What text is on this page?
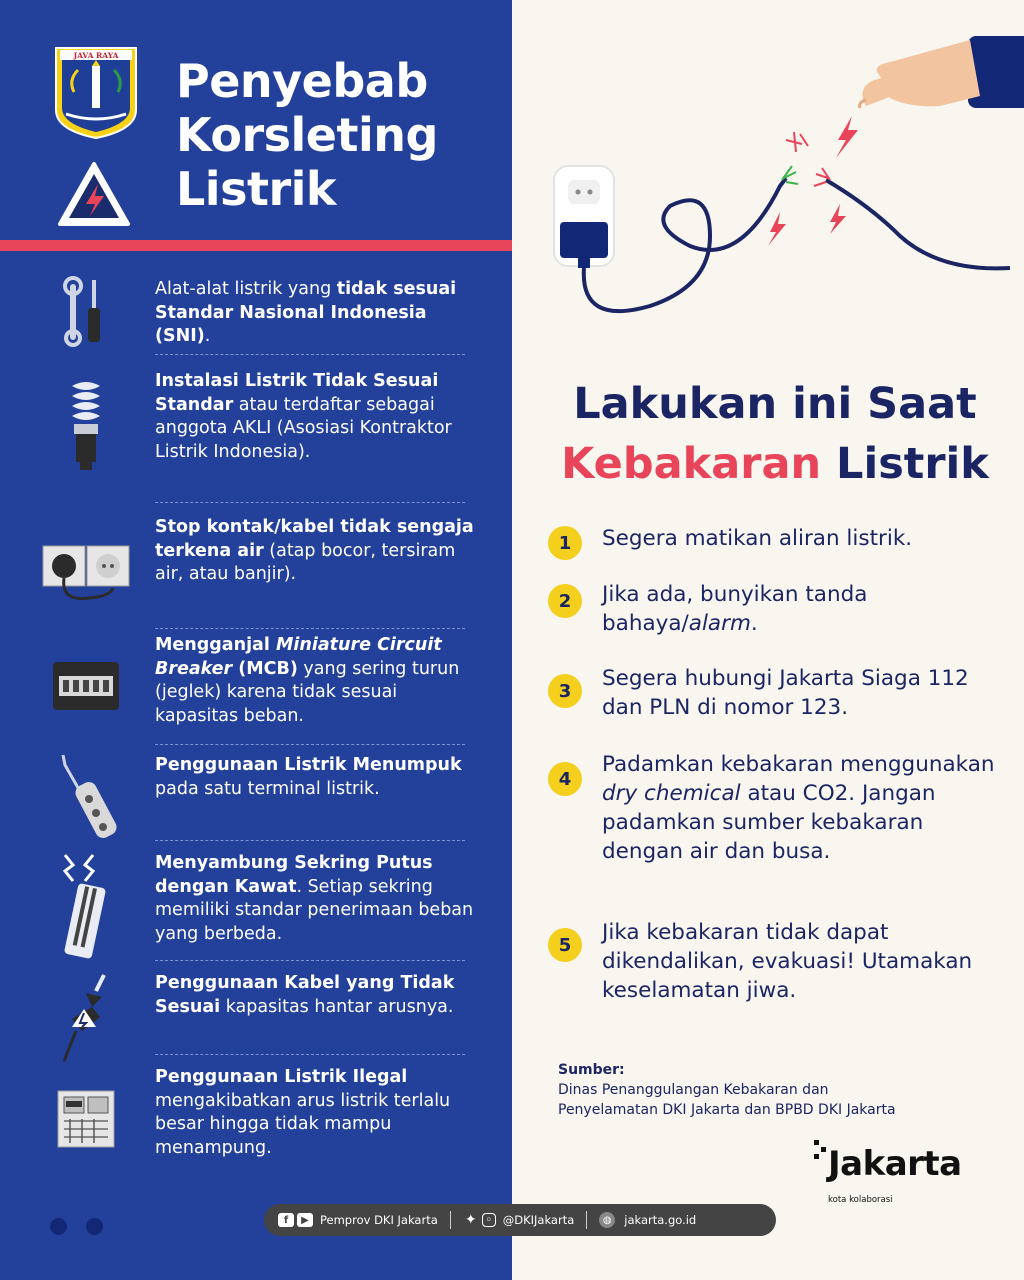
JAVA RAYA Penyebab
Korsleting
Listrik
Alat-alat listrik yang tidak sesuai Standar Nasional Indonesia (SNI).
Instalasi Listrik Tidak Sesuai Standar atau terdaftar sebagai anggota AKLI (Asosiasi Kontraktor Listrik Indonesia).
Stop kontak/kabel tidak sengaja terkena air (atap bocor, tersiram air, atau banjir).
Mengganjal Miniature Circuit Breaker (MCB) yang sering turun (jeglek) karena tidak sesuai kapasitas beban.
Penggunaan Listrik Menumpuk pada satu terminal listrik.
Menyambung Sekring Putus dengan Kawat. Setiap sekring memiliki standar penerimaan beban yang berbeda.
Penggunaan Kabel yang Tidak Sesuai kapasitas hantar arusnya.
Penggunaan Listrik Ilegal mengakibatkan arus listrik terlalu besar hingga tidak mampu menampung.
Lakukan ini Saat
Kebakaran Listrik
1	Segera matikan aliran listrik.
2	Jika ada, bunyikan tanda bahaya/alarm.
3	Segera hubungi Jakarta Siaga 112 dan PLN di nomor 123.
4
Padamkan kebakaran menggunakan dry chemical atau CO2. Jangan padamkan sumber kebakaran dengan air dan busa.
5	Jika kebakaran tidak dapat dikendalikan, evakuasi! Utamakan keselamatan jiwa.
Sumber:
Dinas Penanggulangan Kebakaran dan
Penyelamatan DKI Jakarta dan BPBD DKI Jakarta
Jakarta
kota kolaborasi
f	▶ Pemprov DKI Jakarta ✦ ◦ @DKIJakarta	◍	jakarta.go.id
